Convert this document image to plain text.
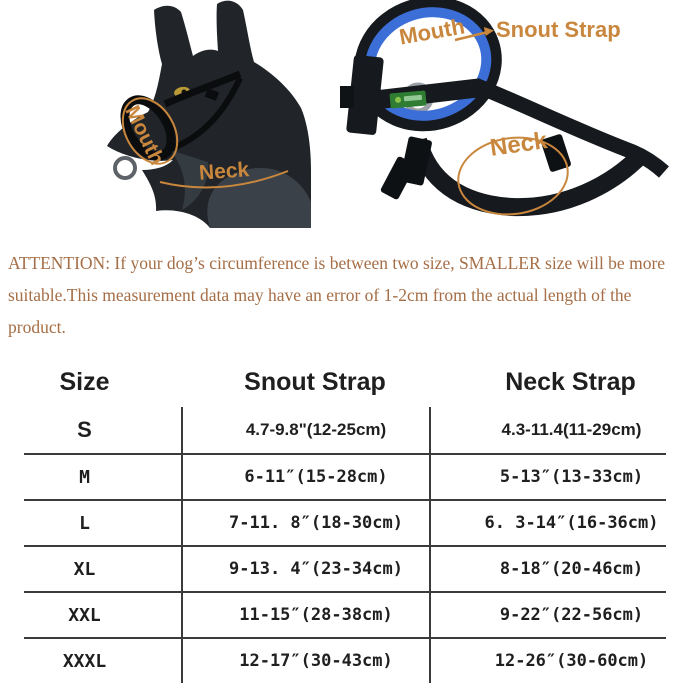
Mouth
Neck
Mouth Snout Strap
Neck
ATTENTION: If your dog’s circumference is between two size, SMALLER size will be more suitable.This measurement data may have an error of 1-2cm from the actual length of the product.
Size	Snout Strap	Neck Strap
S	4.7-9.8"(12-25cm)	4.3-11.4(11-29cm)
M	6-11″(15-28cm)	5-13″(13-33cm)
L	7-11. 8″(18-30cm)	6. 3-14″(16-36cm)
XL	9-13. 4″(23-34cm)	8-18″(20-46cm)
XXL	11-15″(28-38cm)	9-22″(22-56cm)
XXXL	12-17″(30-43cm)	12-26″(30-60cm)
